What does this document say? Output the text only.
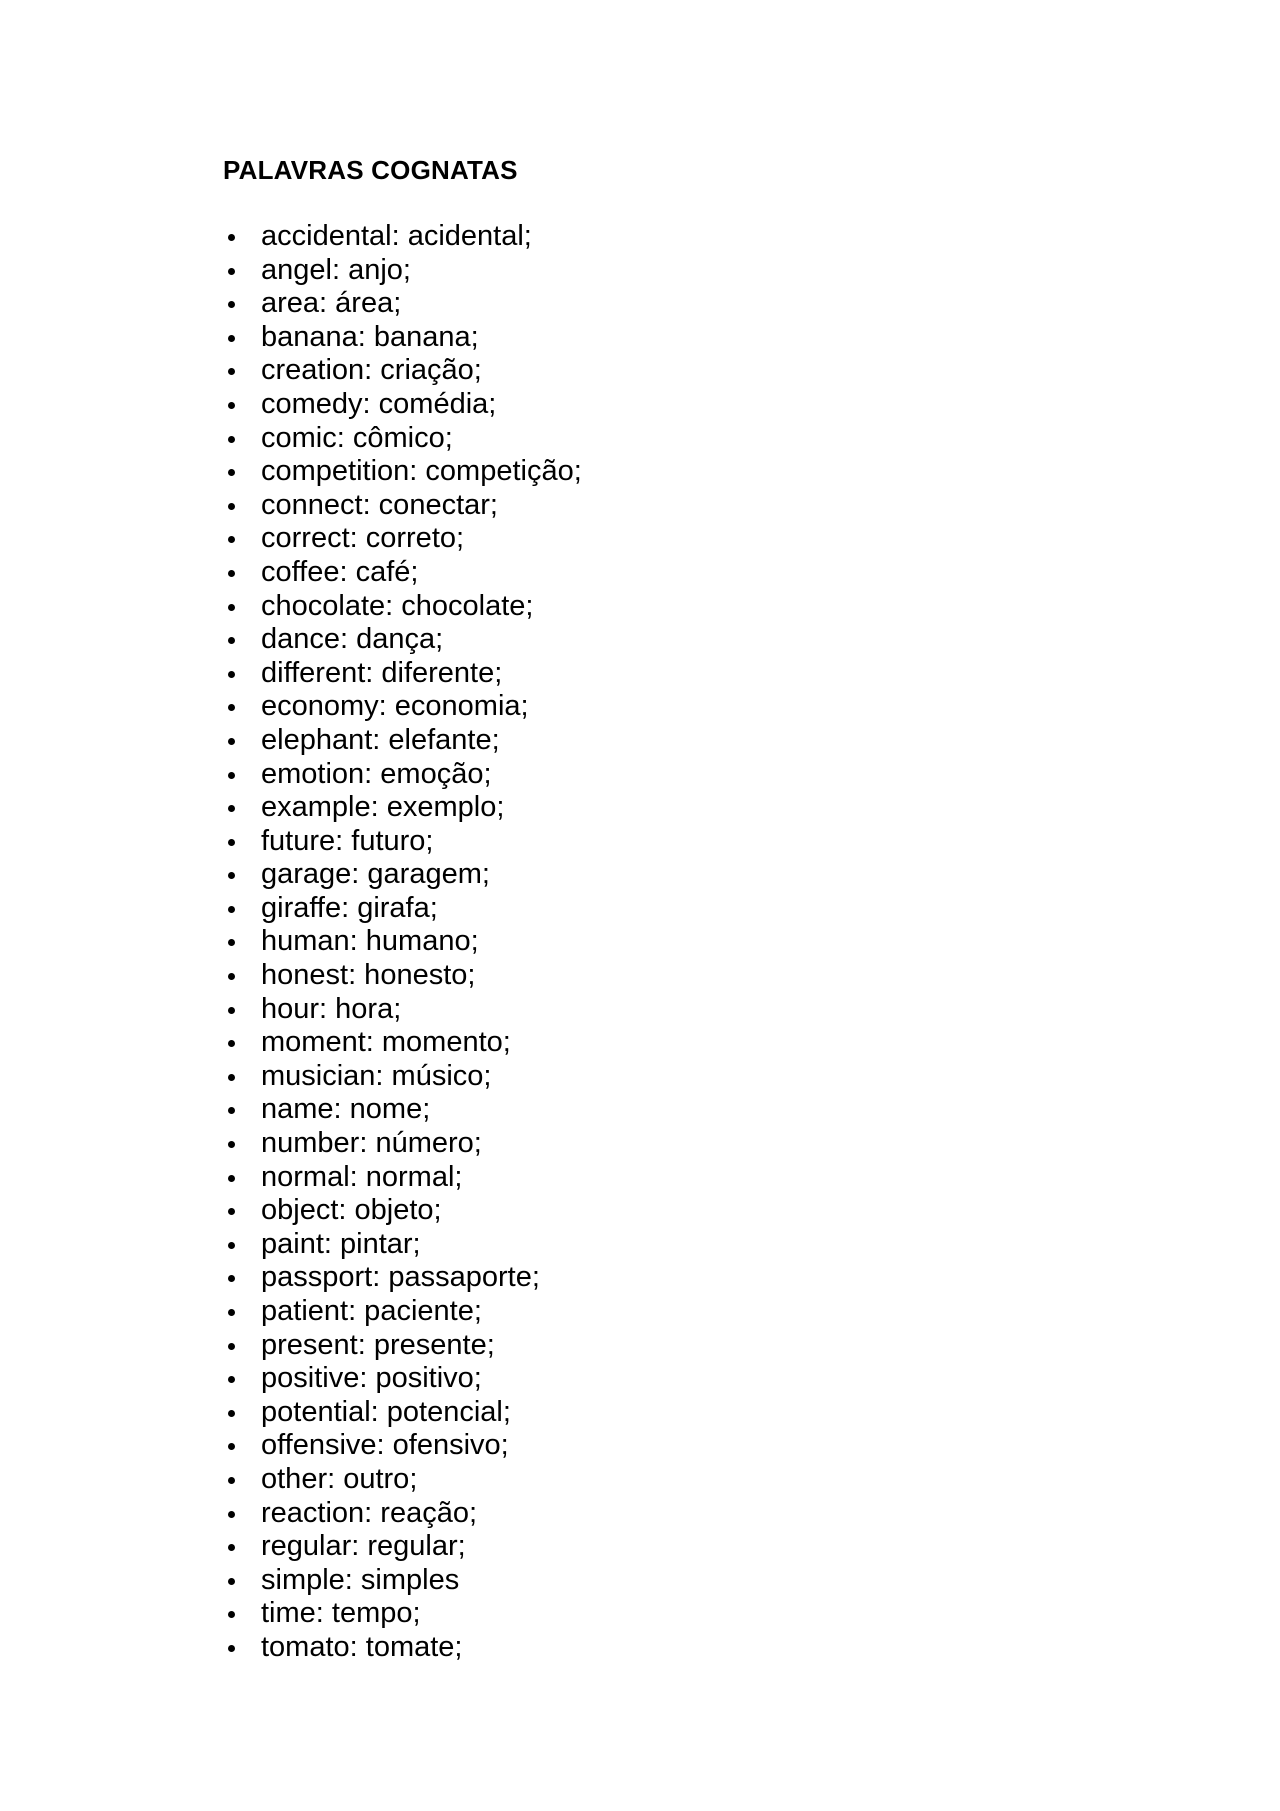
PALAVRAS COGNATAS
accidental: acidental;
angel: anjo;
area: área;
banana: banana;
creation: criação;
comedy: comédia;
comic: cômico;
competition: competição;
connect: conectar;
correct: correto;
coffee: café;
chocolate: chocolate;
dance: dança;
different: diferente;
economy: economia;
elephant: elefante;
emotion: emoção;
example: exemplo;
future: futuro;
garage: garagem;
giraffe: girafa;
human: humano;
honest: honesto;
hour: hora;
moment: momento;
musician: músico;
name: nome;
number: número;
normal: normal;
object: objeto;
paint: pintar;
passport: passaporte;
patient: paciente;
present: presente;
positive: positivo;
potential: potencial;
offensive: ofensivo;
other: outro;
reaction: reação;
regular: regular;
simple: simples
time: tempo;
tomato: tomate;
